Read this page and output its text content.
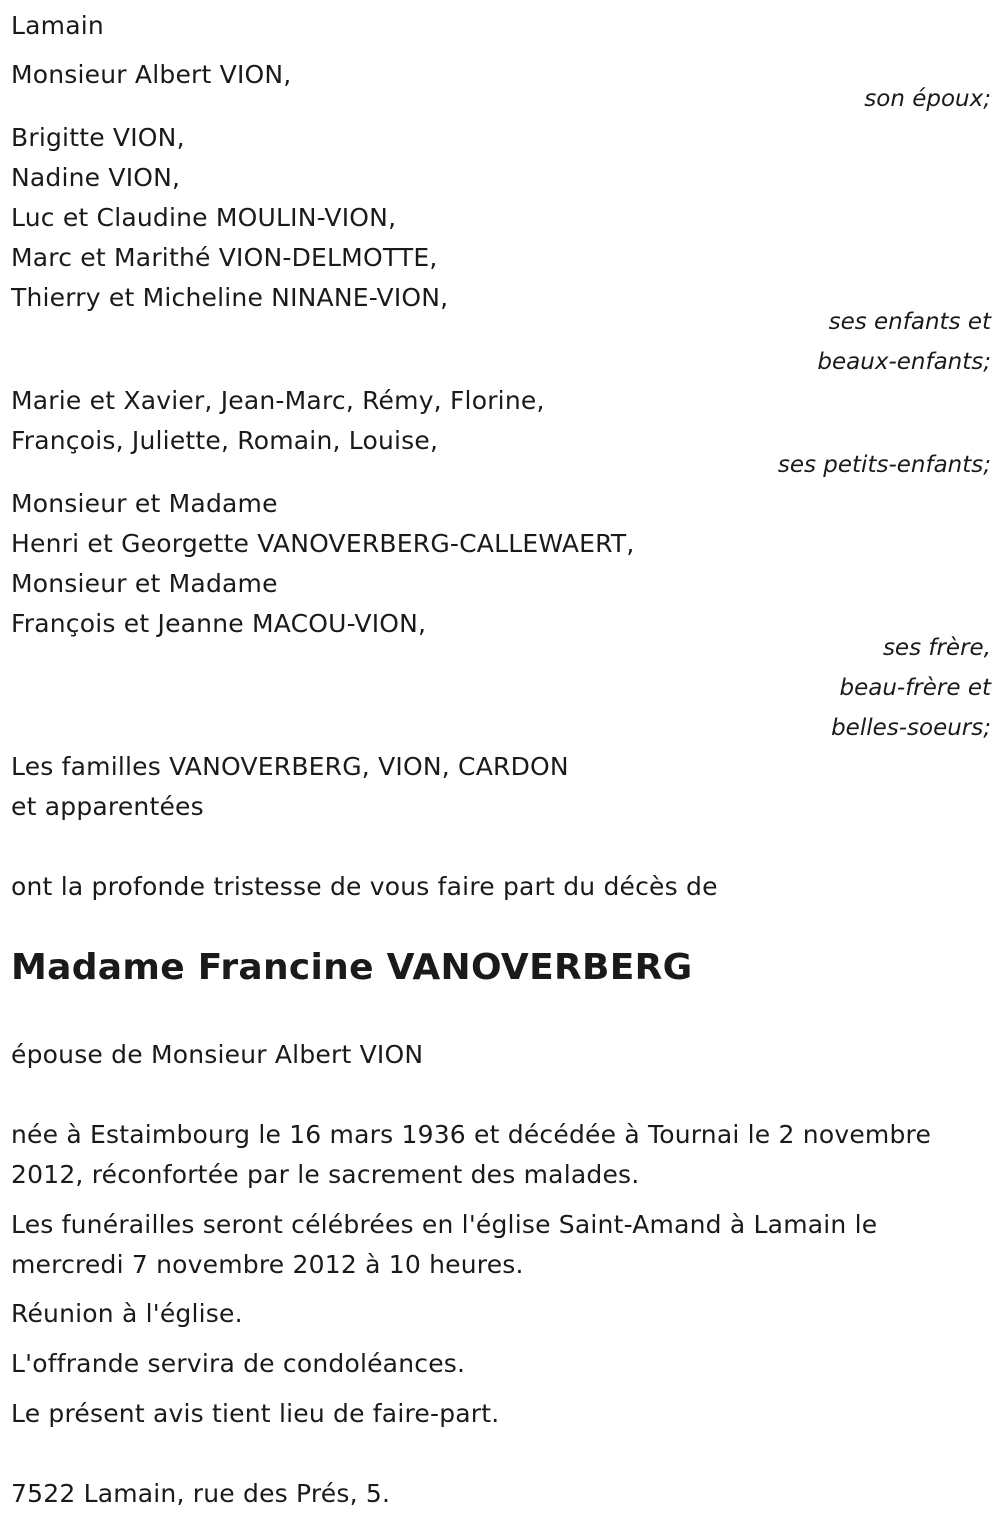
Lamain
Monsieur Albert VION,
son époux;
Brigitte VION,
Nadine VION,
Luc et Claudine MOULIN-VION,
Marc et Marithé VION-DELMOTTE,
Thierry et Micheline NINANE-VION,
ses enfants et
beaux-enfants;
Marie et Xavier, Jean-Marc, Rémy, Florine,
François, Juliette, Romain, Louise,
ses petits-enfants;
Monsieur et Madame
Henri et Georgette VANOVERBERG-CALLEWAERT,
Monsieur et Madame
François et Jeanne MACOU-VION,
ses frère,
beau-frère et
belles-soeurs;
Les familles VANOVERBERG, VION, CARDON
et apparentées
ont la profonde tristesse de vous faire part du décès de
Madame Francine VANOVERBERG
épouse de Monsieur Albert VION
née à Estaimbourg le 16 mars 1936 et décédée à Tournai le 2 novembre 2012, réconfortée par le sacrement des malades.
Les funérailles seront célébrées en l'église Saint-Amand à Lamain le mercredi 7 novembre 2012 à 10 heures.
Réunion à l'église.
L'offrande servira de condoléances.
Le présent avis tient lieu de faire-part.
7522 Lamain, rue des Prés, 5.
